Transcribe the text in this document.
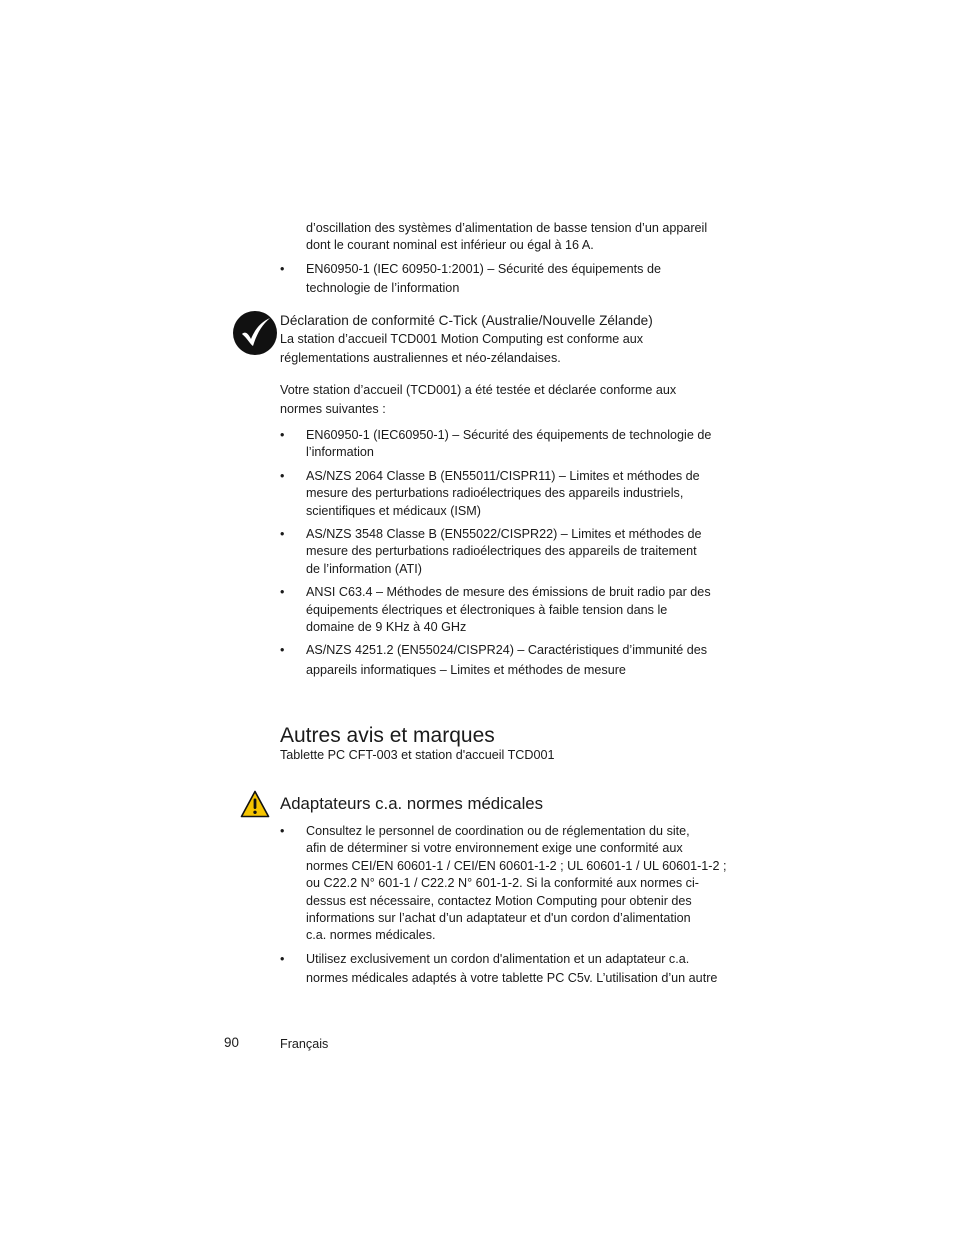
d’oscillation des systèmes d’alimentation de basse tension d’un appareil
dont le courant nominal est inférieur ou égal à 16 A.
• EN60950-1 (IEC 60950-1:2001) – Sécurité des équipements de
technologie de l’information
Déclaration de conformité C-Tick (Australie/Nouvelle Zélande)
La station d’accueil TCD001 Motion Computing est conforme aux
réglementations australiennes et néo-zélandaises.
Votre station d’accueil (TCD001) a été testée et déclarée conforme aux
normes suivantes :
• EN60950-1 (IEC60950-1) – Sécurité des équipements de technologie de
l’information
• AS/NZS 2064 Classe B (EN55011/CISPR11) – Limites et méthodes de
mesure des perturbations radioélectriques des appareils industriels,
scientifiques et médicaux (ISM)
• AS/NZS 3548 Classe B (EN55022/CISPR22) – Limites et méthodes de
mesure des perturbations radioélectriques des appareils de traitement
de l’information (ATI)
• ANSI C63.4 – Méthodes de mesure des émissions de bruit radio par des
équipements électriques et électroniques à faible tension dans le
domaine de 9 KHz à 40 GHz
• AS/NZS 4251.2 (EN55024/CISPR24) – Caractéristiques d’immunité des
appareils informatiques – Limites et méthodes de mesure
Autres avis et marques
Tablette PC CFT-003 et station d'accueil TCD001
Adaptateurs c.a. normes médicales
• Consultez le personnel de coordination ou de réglementation du site,
afin de déterminer si votre environnement exige une conformité aux
normes CEI/EN 60601-1 / CEI/EN 60601-1-2 ; UL 60601-1 / UL 60601-1-2 ;
ou C22.2 N° 601-1 / C22.2 N° 601-1-2. Si la conformité aux normes ci-
dessus est nécessaire, contactez Motion Computing pour obtenir des
informations sur l’achat d’un adaptateur et d'un cordon d’alimentation
c.a. normes médicales.
• Utilisez exclusivement un cordon d'alimentation et un adaptateur c.a.
normes médicales adaptés à votre tablette PC C5v. L’utilisation d’un autre
90	Français
